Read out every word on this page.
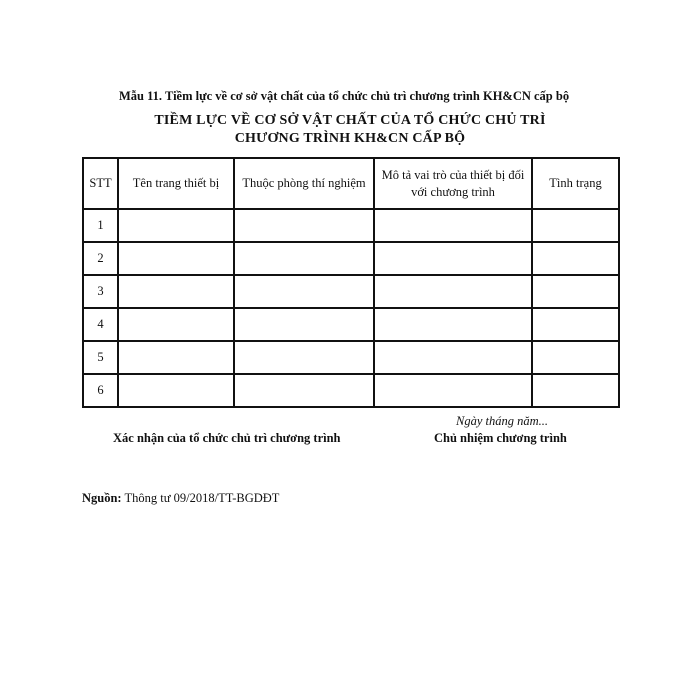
Mẫu 11. Tiềm lực về cơ sở vật chất của tổ chức chủ trì chương trình KH&CN cấp bộ
TIỀM LỰC VỀ CƠ SỞ VẬT CHẤT CỦA TỔ CHỨC CHỦ TRÌ
CHƯƠNG TRÌNH KH&CN CẤP BỘ
STT	Tên trang thiết bị	Thuộc phòng thí nghiệm	Mô tả vai trò của thiết bị đối với chương trình	Tình trạng
1				
2				
3				
4				
5				
6				
Ngày tháng năm...
Xác nhận của tổ chức chủ trì chương trình	Chủ nhiệm chương trình
Nguồn: Thông tư 09/2018/TT-BGDĐT
